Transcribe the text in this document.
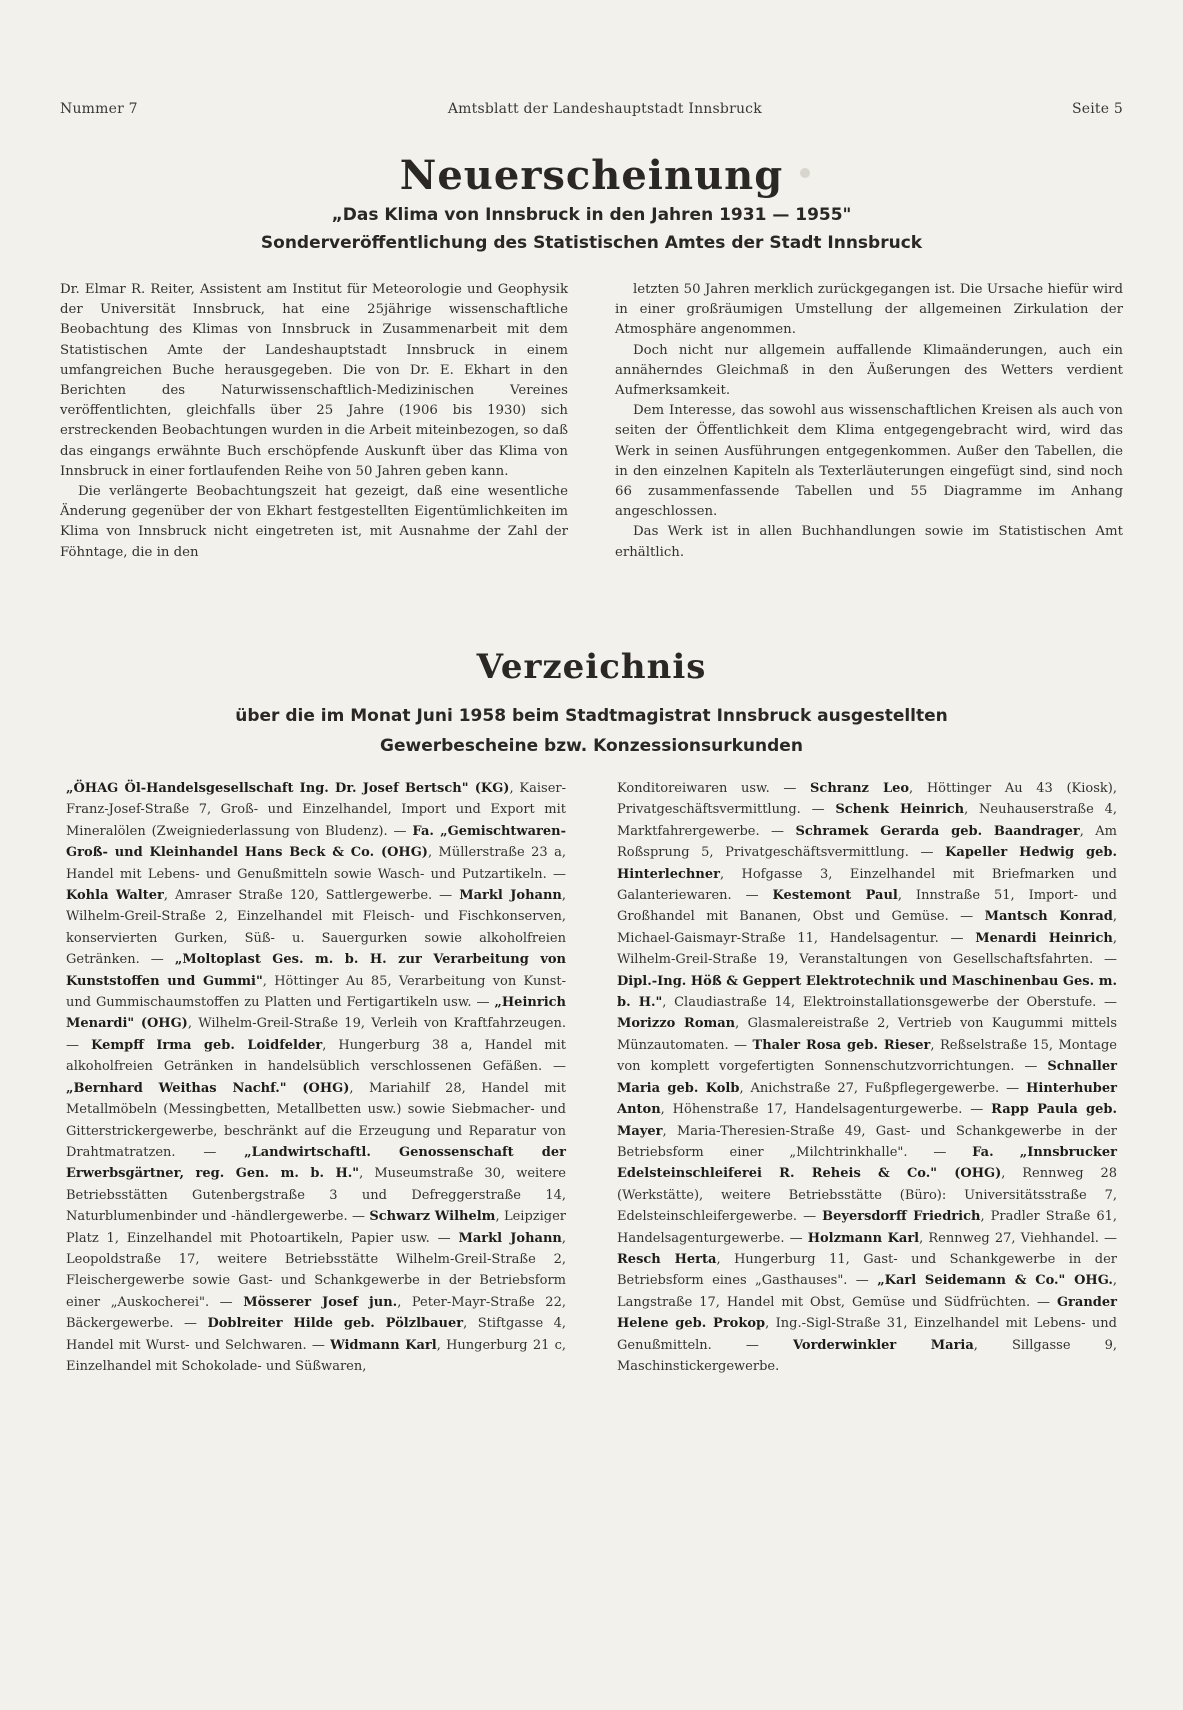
Nummer 7	Amtsblatt der Landeshauptstadt Innsbruck	Seite 5
Neuerscheinung

„Das Klima von Innsbruck in den Jahren 1931 — 1955"

Sonderveröffentlichung des Statistischen Amtes der Stadt Innsbruck

Dr. Elmar R. Reiter, Assistent am Institut für Meteorologie und Geophysik der Universität Innsbruck, hat eine 25jährige wissenschaftliche Beobachtung des Klimas von Innsbruck in Zusammenarbeit mit dem Statistischen Amte der Landeshauptstadt Innsbruck in einem umfangreichen Buche herausgegeben. Die von Dr. E. Ekhart in den Berichten des Naturwissenschaftlich-Medizinischen Vereines veröffentlichten, gleichfalls über 25 Jahre (1906 bis 1930) sich erstreckenden Beobachtungen wurden in die Arbeit miteinbezogen, so daß das eingangs erwähnte Buch erschöpfende Auskunft über das Klima von Innsbruck in einer fortlaufenden Reihe von 50 Jahren geben kann.

Die verlängerte Beobachtungszeit hat gezeigt, daß eine wesentliche Änderung gegenüber der von Ekhart festgestellten Eigentümlichkeiten im Klima von Innsbruck nicht eingetreten ist, mit Ausnahme der Zahl der Föhntage, die in den

letzten 50 Jahren merklich zurückgegangen ist. Die Ursache hiefür wird in einer großräumigen Umstellung der allgemeinen Zirkulation der Atmosphäre angenommen.

Doch nicht nur allgemein auffallende Klimaänderungen, auch ein annäherndes Gleichmaß in den Äußerungen des Wetters verdient Aufmerksamkeit.

Dem Interesse, das sowohl aus wissenschaftlichen Kreisen als auch von seiten der Öffentlichkeit dem Klima entgegengebracht wird, wird das Werk in seinen Ausführungen entgegenkommen. Außer den Tabellen, die in den einzelnen Kapiteln als Texterläuterungen eingefügt sind, sind noch 66 zusammenfassende Tabellen und 55 Diagramme im Anhang angeschlossen.

Das Werk ist in allen Buchhandlungen sowie im Statistischen Amt erhältlich.

Verzeichnis

über die im Monat Juni 1958 beim Stadtmagistrat Innsbruck ausgestellten

Gewerbescheine bzw. Konzessionsurkunden

„ÖHAG Öl-Handelsgesellschaft Ing. Dr. Josef Bertsch" (KG), Kaiser-Franz-Josef-Straße 7, Groß- und Einzelhandel, Import und Export mit Mineralölen (Zweigniederlassung von Bludenz). — Fa. „Gemischtwaren-Groß- und Kleinhandel Hans Beck & Co. (OHG), Müllerstraße 23 a, Handel mit Lebens- und Genußmitteln sowie Wasch- und Putzartikeln. — Kohla Walter, Amraser Straße 120, Sattlergewerbe. — Markl Johann, Wilhelm-Greil-Straße 2, Einzelhandel mit Fleisch- und Fischkonserven, konservierten Gurken, Süß- u. Sauergurken sowie alkoholfreien Getränken. — „Moltoplast Ges. m. b. H. zur Verarbeitung von Kunststoffen und Gummi", Höttinger Au 85, Verarbeitung von Kunst- und Gummischaumstoffen zu Platten und Fertigartikeln usw. — „Heinrich Menardi" (OHG), Wilhelm-Greil-Straße 19, Verleih von Kraftfahrzeugen. — Kempff Irma geb. Loidfelder, Hungerburg 38 a, Handel mit alkoholfreien Getränken in handelsüblich verschlossenen Gefäßen. — „Bernhard Weithas Nachf." (OHG), Mariahilf 28, Handel mit Metallmöbeln (Messingbetten, Metallbetten usw.) sowie Siebmacher- und Gitterstrickergewerbe, beschränkt auf die Erzeugung und Reparatur von Drahtmatratzen. — „Landwirtschaftl. Genossenschaft der Erwerbsgärtner, reg. Gen. m. b. H.", Museumstraße 30, weitere Betriebsstätten Gutenbergstraße 3 und Defreggerstraße 14, Naturblumenbinder und -händlergewerbe. — Schwarz Wilhelm, Leipziger Platz 1, Einzelhandel mit Photoartikeln, Papier usw. — Markl Johann, Leopoldstraße 17, weitere Betriebsstätte Wilhelm-Greil-Straße 2, Fleischergewerbe sowie Gast- und Schankgewerbe in der Betriebsform einer „Auskocherei". — Mösserer Josef jun., Peter-Mayr-Straße 22, Bäckergewerbe. — Doblreiter Hilde geb. Pölzlbauer, Stiftgasse 4, Handel mit Wurst- und Selchwaren. — Widmann Karl, Hungerburg 21 c, Einzelhandel mit Schokolade- und Süßwaren,

Konditoreiwaren usw. — Schranz Leo, Höttinger Au 43 (Kiosk), Privatgeschäftsvermittlung. — Schenk Heinrich, Neuhauserstraße 4, Marktfahrergewerbe. — Schramek Gerarda geb. Baandrager, Am Roßsprung 5, Privatgeschäftsvermittlung. — Kapeller Hedwig geb. Hinterlechner, Hofgasse 3, Einzelhandel mit Briefmarken und Galanteriewaren. — Kestemont Paul, Innstraße 51, Import- und Großhandel mit Bananen, Obst und Gemüse. — Mantsch Konrad, Michael-Gaismayr-Straße 11, Handelsagentur. — Menardi Heinrich, Wilhelm-Greil-Straße 19, Veranstaltungen von Gesellschaftsfahrten. — Dipl.-Ing. Höß & Geppert Elektrotechnik und Maschinenbau Ges. m. b. H.", Claudiastraße 14, Elektroinstallationsgewerbe der Oberstufe. — Morizzo Roman, Glasmalereistraße 2, Vertrieb von Kaugummi mittels Münzautomaten. — Thaler Rosa geb. Rieser, Reßselstraße 15, Montage von komplett vorgefertigten Sonnenschutzvorrichtungen. — Schnaller Maria geb. Kolb, Anichstraße 27, Fußpflegergewerbe. — Hinterhuber Anton, Höhenstraße 17, Handelsagenturgewerbe. — Rapp Paula geb. Mayer, Maria-Theresien-Straße 49, Gast- und Schankgewerbe in der Betriebsform einer „Milchtrinkhalle". — Fa. „Innsbrucker Edelsteinschleiferei R. Reheis & Co." (OHG), Rennweg 28 (Werkstätte), weitere Betriebsstätte (Büro): Universitätsstraße 7, Edelsteinschleifergewerbe. — Beyersdorff Friedrich, Pradler Straße 61, Handelsagenturgewerbe. — Holzmann Karl, Rennweg 27, Viehhandel. — Resch Herta, Hungerburg 11, Gast- und Schankgewerbe in der Betriebsform eines „Gasthauses". — „Karl Seidemann & Co." OHG., Langstraße 17, Handel mit Obst, Gemüse und Südfrüchten. — Grander Helene geb. Prokop, Ing.-Sigl-Straße 31, Einzelhandel mit Lebens- und Genußmitteln. — Vorderwinkler Maria, Sillgasse 9, Maschinstickergewerbe.
